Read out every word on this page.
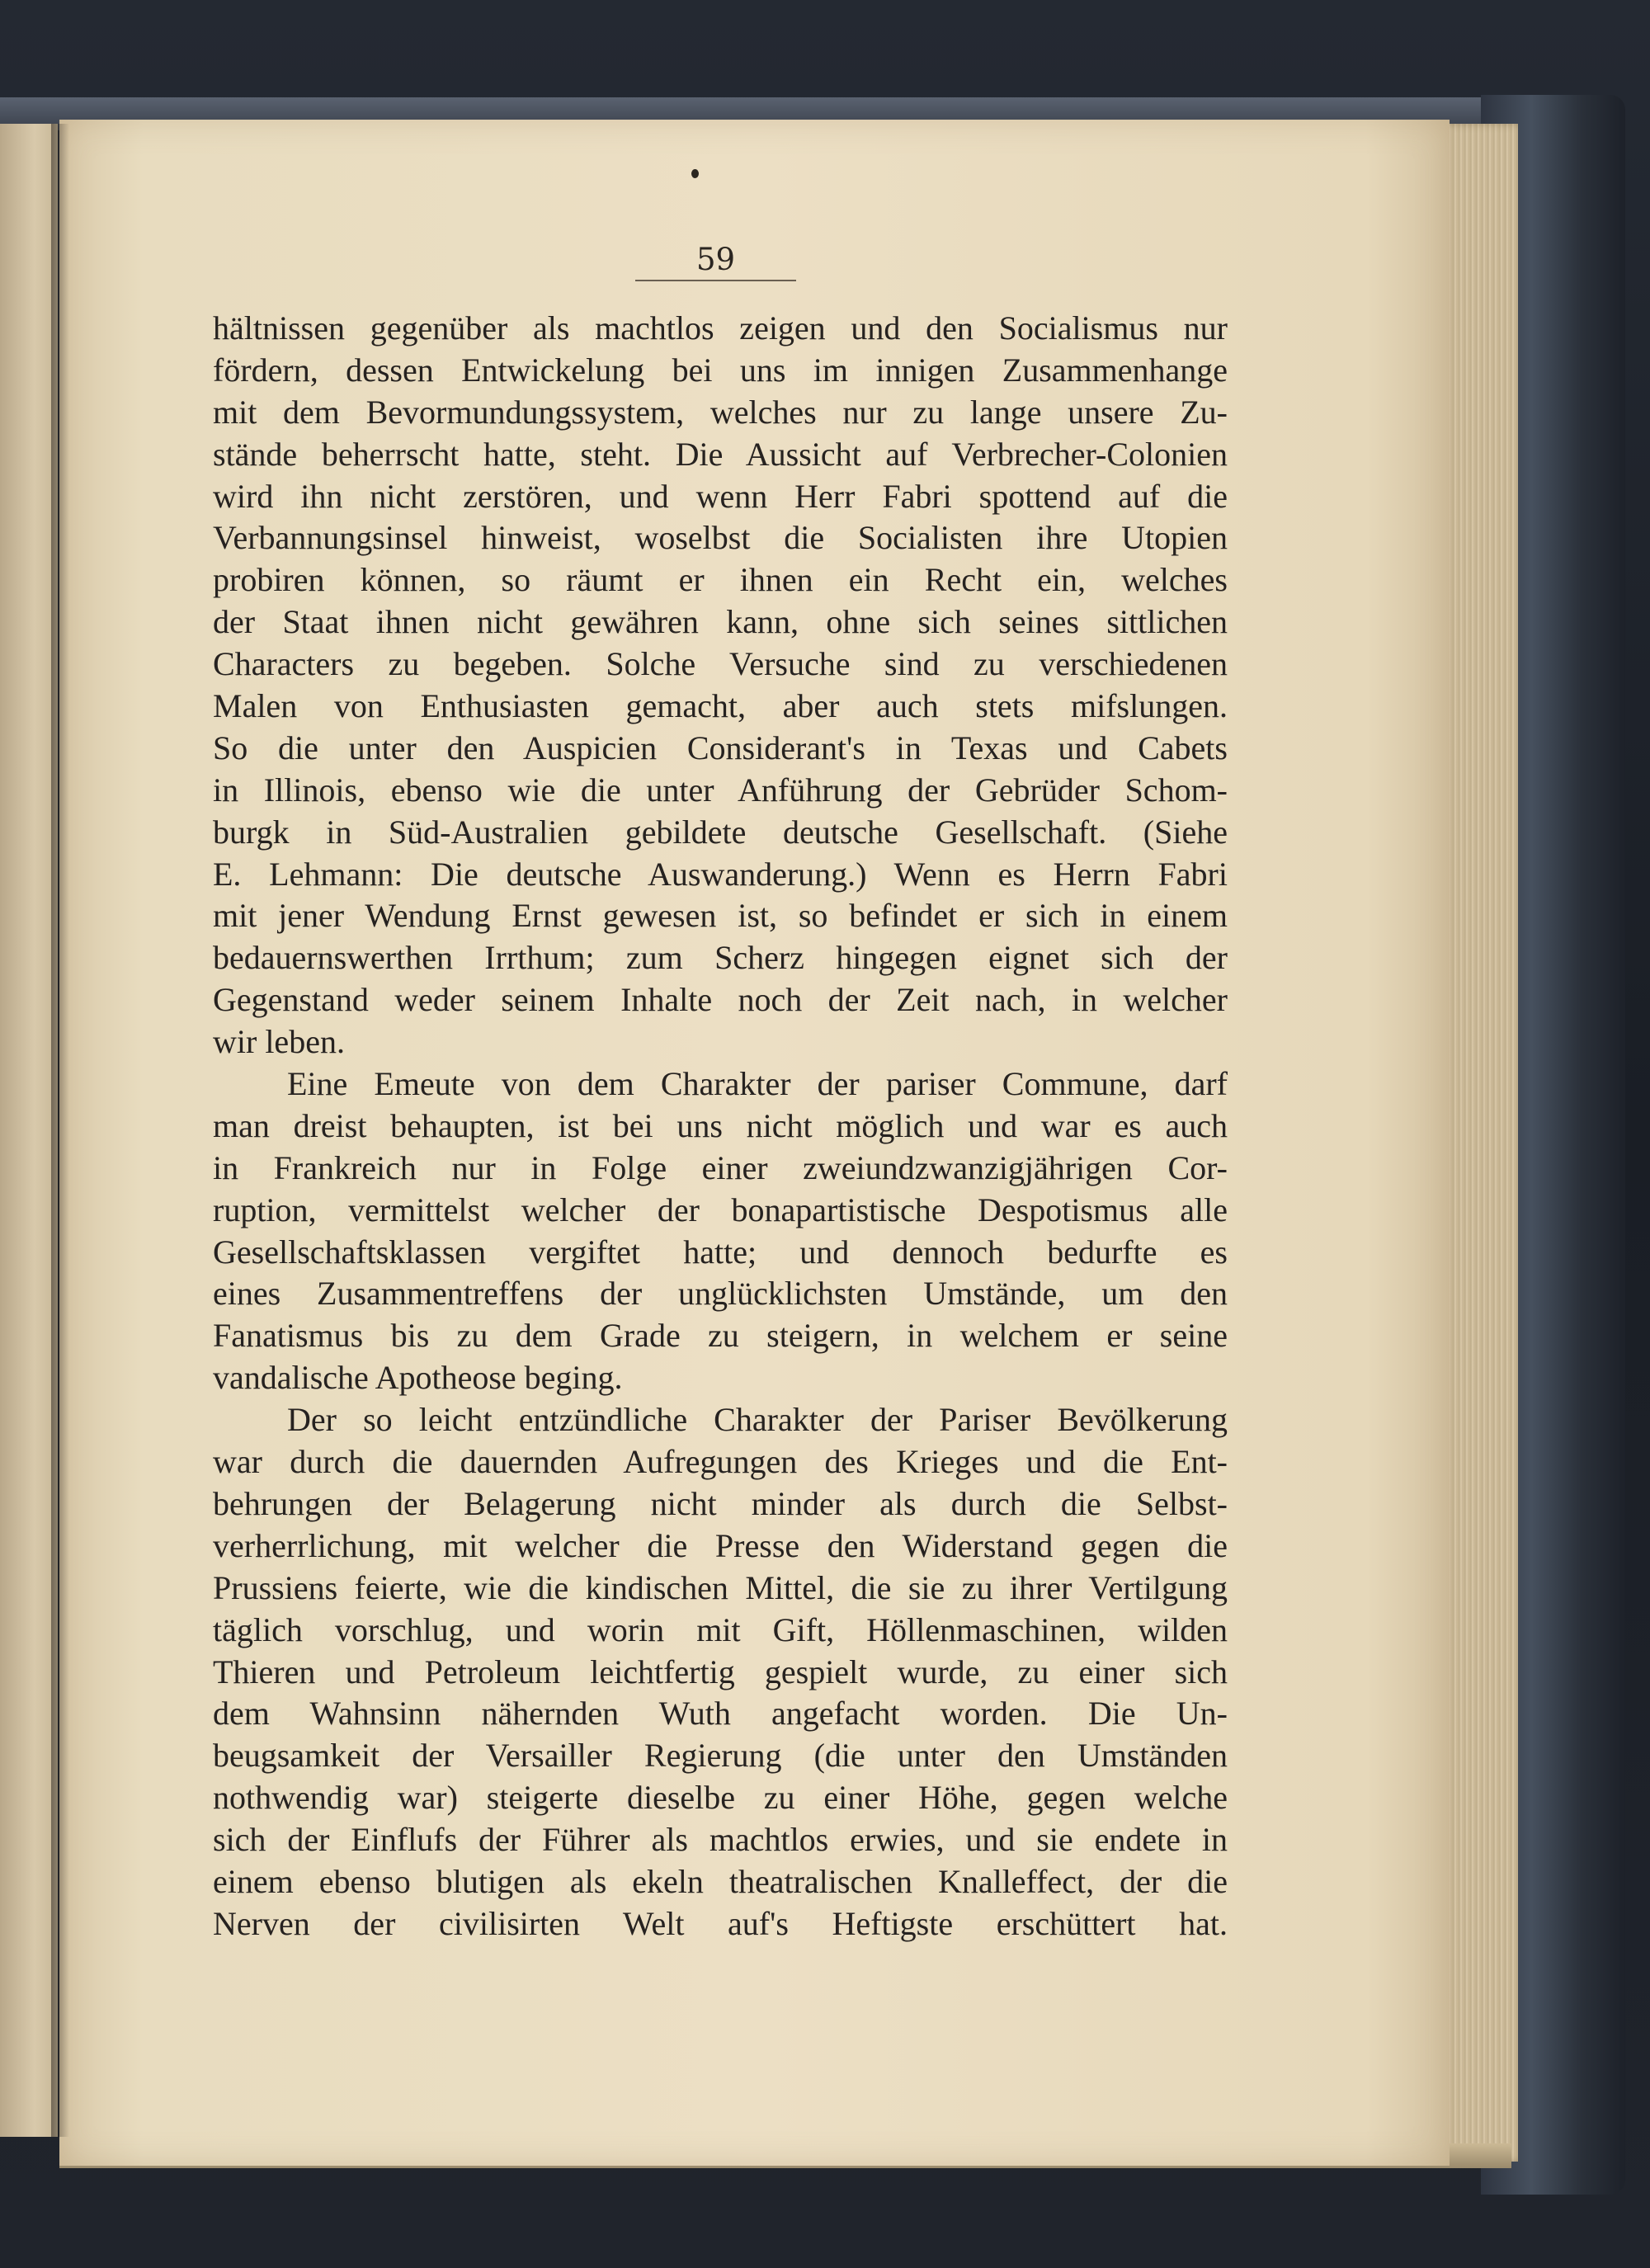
59
hältnissen gegenüber als machtlos zeigen und den Socialismus nur
fördern, dessen Entwickelung bei uns im innigen Zusammenhange
mit dem Bevormundungssystem, welches nur zu lange unsere Zu-
stände beherrscht hatte, steht. Die Aussicht auf Verbrecher-Colonien
wird ihn nicht zerstören, und wenn Herr Fabri spottend auf die
Verbannungsinsel hinweist, woselbst die Socialisten ihre Utopien
probiren können, so räumt er ihnen ein Recht ein, welches
der Staat ihnen nicht gewähren kann, ohne sich seines sittlichen
Characters zu begeben. Solche Versuche sind zu verschiedenen
Malen von Enthusiasten gemacht, aber auch stets mifslungen.
So die unter den Auspicien Considerant's in Texas und Cabets
in Illinois, ebenso wie die unter Anführung der Gebrüder Schom-
burgk in Süd-Australien gebildete deutsche Gesellschaft. (Siehe
E. Lehmann: Die deutsche Auswanderung.) Wenn es Herrn Fabri
mit jener Wendung Ernst gewesen ist, so befindet er sich in einem
bedauernswerthen Irrthum; zum Scherz hingegen eignet sich der
Gegenstand weder seinem Inhalte noch der Zeit nach, in welcher
wir leben.
Eine Emeute von dem Charakter der pariser Commune, darf
man dreist behaupten, ist bei uns nicht möglich und war es auch
in Frankreich nur in Folge einer zweiundzwanzigjährigen Cor-
ruption, vermittelst welcher der bonapartistische Despotismus alle
Gesellschaftsklassen vergiftet hatte; und dennoch bedurfte es
eines Zusammentreffens der unglücklichsten Umstände, um den
Fanatismus bis zu dem Grade zu steigern, in welchem er seine
vandalische Apotheose beging.
Der so leicht entzündliche Charakter der Pariser Bevölkerung
war durch die dauernden Aufregungen des Krieges und die Ent-
behrungen der Belagerung nicht minder als durch die Selbst-
verherrlichung, mit welcher die Presse den Widerstand gegen die
Prussiens feierte, wie die kindischen Mittel, die sie zu ihrer Vertilgung
täglich vorschlug, und worin mit Gift, Höllenmaschinen, wilden
Thieren und Petroleum leichtfertig gespielt wurde, zu einer sich
dem Wahnsinn nähernden Wuth angefacht worden. Die Un-
beugsamkeit der Versailler Regierung (die unter den Umständen
nothwendig war) steigerte dieselbe zu einer Höhe, gegen welche
sich der Einflufs der Führer als machtlos erwies, und sie endete in
einem ebenso blutigen als ekeln theatralischen Knalleffect, der die
Nerven der civilisirten Welt auf's Heftigste erschüttert hat.
